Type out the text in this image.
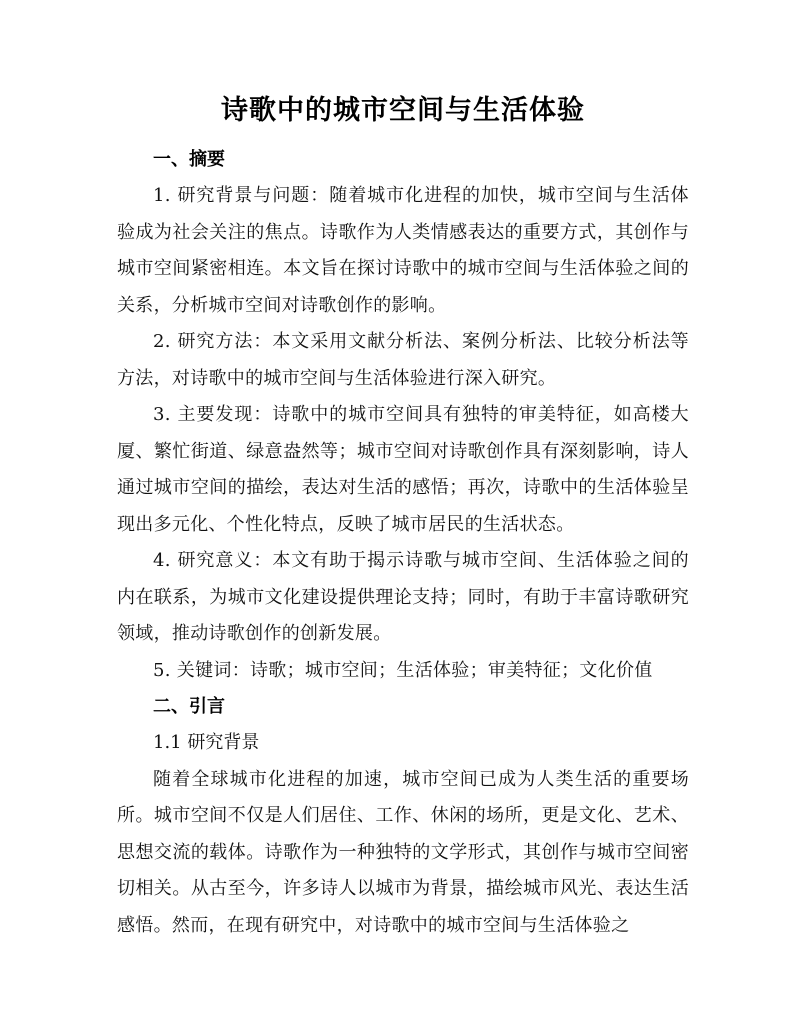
诗歌中的城市空间与生活体验
一、摘要

1. 研究背景与问题：随着城市化进程的加快，城市空间与生活体验成为社会关注的焦点。诗歌作为人类情感表达的重要方式，其创作与城市空间紧密相连。本文旨在探讨诗歌中的城市空间与生活体验之间的关系，分析城市空间对诗歌创作的影响。

2. 研究方法：本文采用文献分析法、案例分析法、比较分析法等方法，对诗歌中的城市空间与生活体验进行深入研究。

3. 主要发现：诗歌中的城市空间具有独特的审美特征，如高楼大厦、繁忙街道、绿意盎然等；城市空间对诗歌创作具有深刻影响，诗人通过城市空间的描绘，表达对生活的感悟；再次，诗歌中的生活体验呈现出多元化、个性化特点，反映了城市居民的生活状态。

4. 研究意义：本文有助于揭示诗歌与城市空间、生活体验之间的内在联系，为城市文化建设提供理论支持；同时，有助于丰富诗歌研究领域，推动诗歌创作的创新发展。

5. 关键词：诗歌；城市空间；生活体验；审美特征；文化价值

二、引言

1.1 研究背景

随着全球城市化进程的加速，城市空间已成为人类生活的重要场所。城市空间不仅是人们居住、工作、休闲的场所，更是文化、艺术、思想交流的载体。诗歌作为一种独特的文学形式，其创作与城市空间密切相关。从古至今，许多诗人以城市为背景，描绘城市风光、表达生活感悟。然而，在现有研究中，对诗歌中的城市空间与生活体验之
